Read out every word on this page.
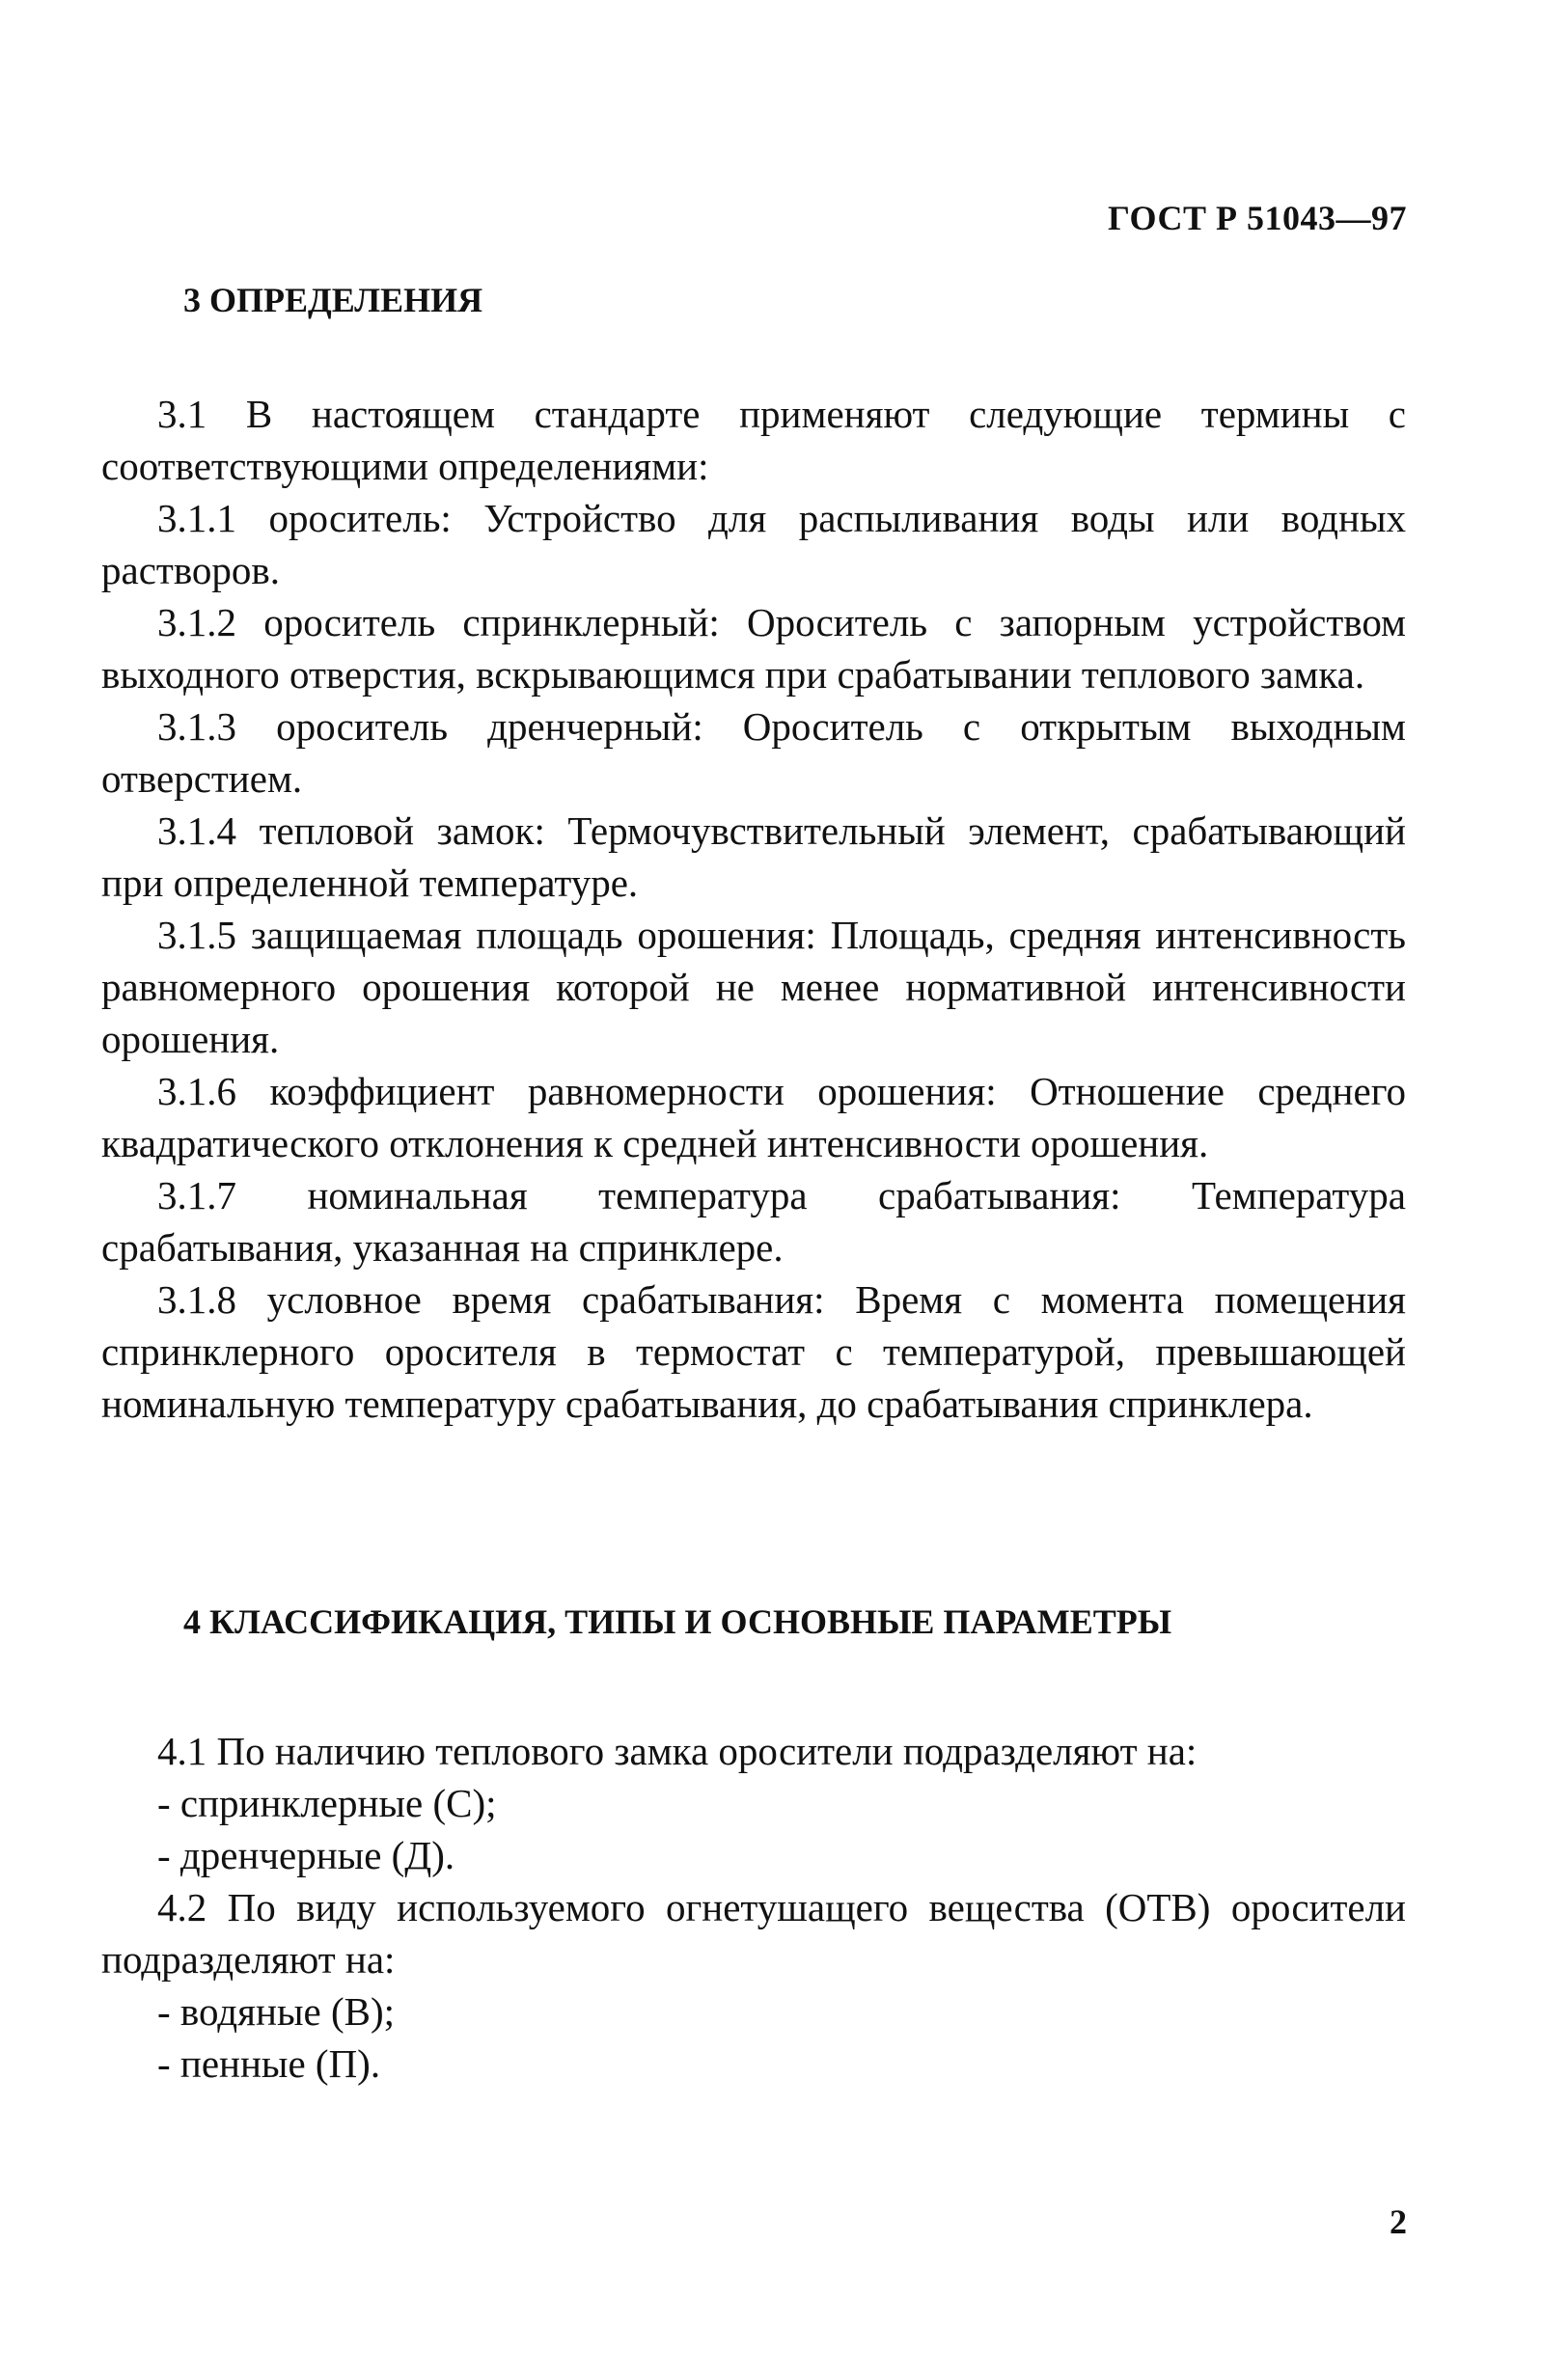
ГОСТ Р 51043—97
3 ОПРЕДЕЛЕНИЯ

3.1 В настоящем стандарте применяют следующие термины с соответствующими определениями:

3.1.1 ороситель: Устройство для распыливания воды или водных растворов.

3.1.2 ороситель спринклерный: Ороситель с запорным устройством выходного отверстия, вскрывающимся при срабатывании теплового замка.

3.1.3 ороситель дренчерный: Ороситель с открытым выходным отверстием.

3.1.4 тепловой замок: Термочувствительный элемент, срабатывающий при определенной температуре.

3.1.5 защищаемая площадь орошения: Площадь, средняя интенсивность равномерного орошения которой не менее нормативной интенсивности орошения.

3.1.6 коэффициент равномерности орошения: Отношение среднего квадратического отклонения к средней интенсивности орошения.

3.1.7 номинальная температура срабатывания: Температура срабатывания, указанная на спринклере.

3.1.8 условное время срабатывания: Время с момента помещения спринклерного оросителя в термостат с температурой, превышающей номинальную температуру срабатывания, до срабатывания спринклера.

4 КЛАССИФИКАЦИЯ, ТИПЫ И ОСНОВНЫЕ ПАРАМЕТРЫ

4.1 По наличию теплового замка оросители подразделяют на:

- спринклерные (С);

- дренчерные (Д).

4.2 По виду используемого огнетушащего вещества (ОТВ) оросители подразделяют на:

- водяные (В);

- пенные (П).

2
